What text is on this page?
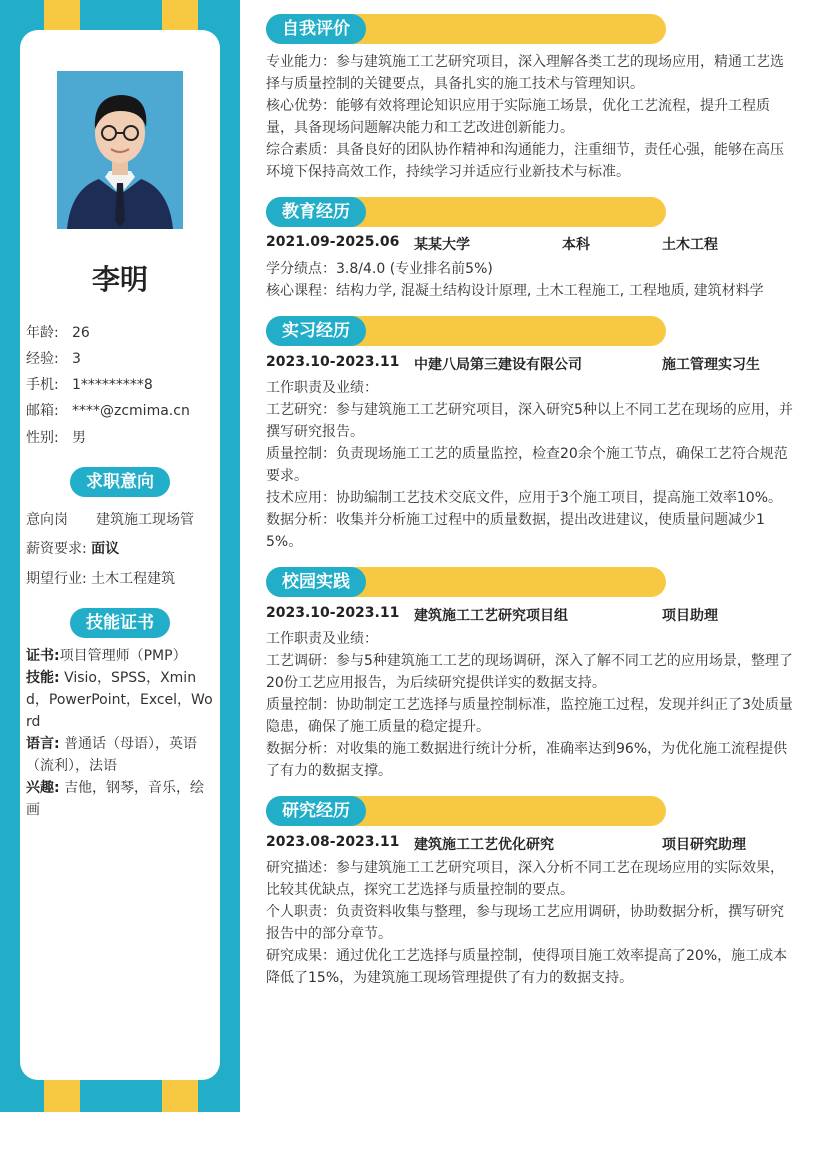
李明
年龄: 26
经验: 3
手机: 1*********8
邮箱: ****@zcmima.cn
性别: 男
求职意向
意向岗 建筑施工现场管
薪资要求: 面议
期望行业: 土木工程建筑
技能证书
证书:项目管理师（PMP）
技能: Visio，SPSS，Xmind，PowerPoint，Excel，Word
语言: 普通话（母语），英语（流利），法语
兴趣: 吉他，钢琴，音乐，绘画
自我评价
专业能力：参与建筑施工工艺研究项目，深入理解各类工艺的现场应用，精通工艺选择与质量控制的关键要点，具备扎实的施工技术与管理知识。
核心优势：能够有效将理论知识应用于实际施工场景，优化工艺流程，提升工程质量，具备现场问题解决能力和工艺改进创新能力。
综合素质：具备良好的团队协作精神和沟通能力，注重细节，责任心强，能够在高压环境下保持高效工作，持续学习并适应行业新技术与标准。
教育经历
2021.09-2025.06 某某大学	本科	土木工程
学分绩点：3.8/4.0 (专业排名前5%)
核心课程：结构力学, 混凝土结构设计原理, 土木工程施工, 工程地质, 建筑材料学
实习经历
2023.10-2023.11 中建八局第三建设有限公司	施工管理实习生
工作职责及业绩：
工艺研究：参与建筑施工工艺研究项目，深入研究5种以上不同工艺在现场的应用，并撰写研究报告。
质量控制：负责现场施工工艺的质量监控，检查20余个施工节点，确保工艺符合规范要求。
技术应用：协助编制工艺技术交底文件，应用于3个施工项目，提高施工效率10%。
数据分析：收集并分析施工过程中的质量数据，提出改进建议，使质量问题减少15%。
校园实践
2023.10-2023.11 建筑施工工艺研究项目组	项目助理
工作职责及业绩：
工艺调研：参与5种建筑施工工艺的现场调研，深入了解不同工艺的应用场景，整理了20份工艺应用报告，为后续研究提供详实的数据支持。
质量控制：协助制定工艺选择与质量控制标准，监控施工过程，发现并纠正了3处质量隐患，确保了施工质量的稳定提升。
数据分析：对收集的施工数据进行统计分析，准确率达到96%，为优化施工流程提供了有力的数据支撑。
研究经历
2023.08-2023.11 建筑施工工艺优化研究	项目研究助理
研究描述：参与建筑施工工艺研究项目，深入分析不同工艺在现场应用的实际效果，比较其优缺点，探究工艺选择与质量控制的要点。
个人职责：负责资料收集与整理，参与现场工艺应用调研，协助数据分析，撰写研究报告中的部分章节。
研究成果：通过优化工艺选择与质量控制，使得项目施工效率提高了20%，施工成本降低了15%，为建筑施工现场管理提供了有力的数据支持。
